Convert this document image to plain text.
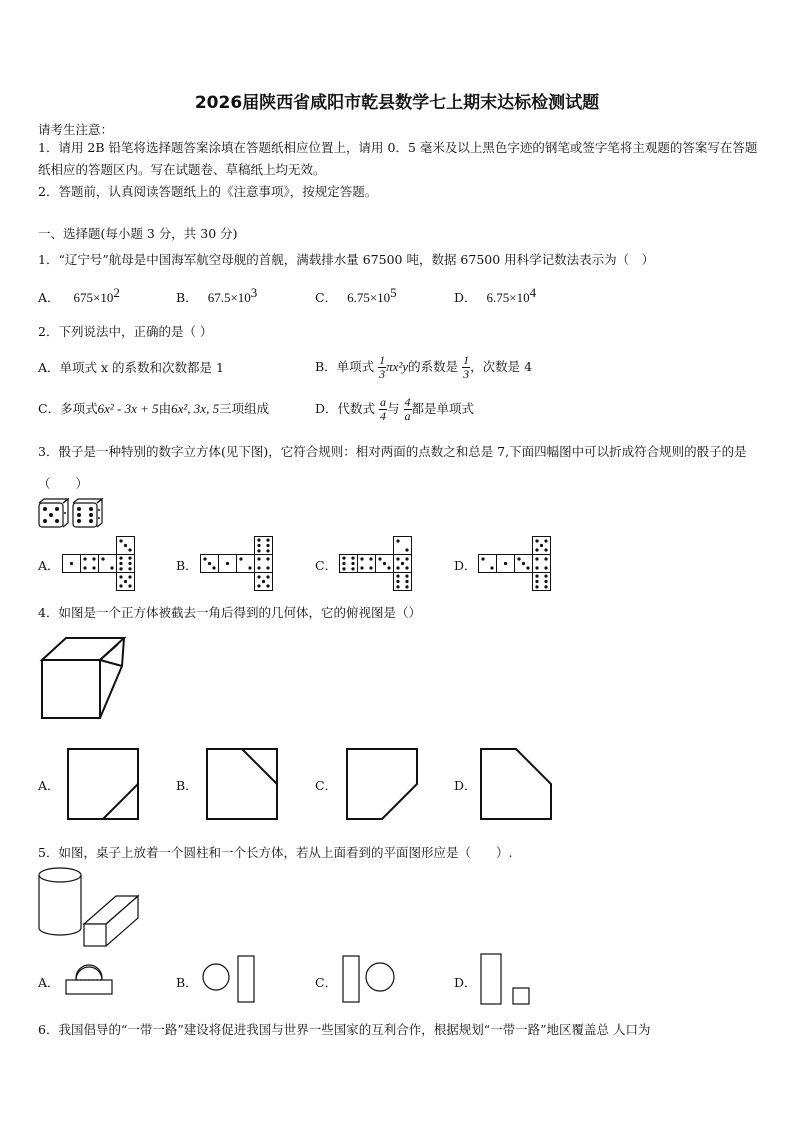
2026届陕西省咸阳市乾县数学七上期末达标检测试题
请考生注意：
1．请用 2B 铅笔将选择题答案涂填在答题纸相应位置上，请用 0．5 毫米及以上黑色字迹的钢笔或签字笔将主观题的答案写在答题纸相应的答题区内。写在试题卷、草稿纸上均无效。
2．答题前，认真阅读答题纸上的《注意事项》，按规定答题。
一、选择题(每小题 3 分，共 30 分)
1．“辽宁号”航母是中国海军航空母舰的首舰，满载排水量 67500 吨，数据 67500 用科学记数法表示为（　）
A． $675\times 10^2$	B． $67.5\times 10^3$	C． $6.75\times 10^5$	D． $6.75\times 10^4$
2．下列说法中，正确的是（ ）
A．单项式 x 的系数和次数都是 1	B．单项式 $\frac{1}{3} \pi x^2y$的系数是 $\frac{1}{3}$ ，次数是 4
C．多项式6x² - 3x + 5由6x², 3x, 5三项组成	D．代数式 $\frac{a}{4}$ 与 $\frac{4}{a}$ 都是单项式
3．骰子是一种特别的数字立方体(见下图)，它符合规则：相对两面的点数之和总是 7,下面四幅图中可以折成符合规则的骰子的是（　　）
A．	B．	C．	D．
4．如图是一个正方体被截去一角后得到的几何体，它的俯视图是（）
A．	B．	C．	D．
5．如图，桌子上放着一个圆柱和一个长方体，若从上面看到的平面图形应是（　　）.
A．	B．	C．	D．
6．我国倡导的“一带一路”建设将促进我国与世界一些国家的互利合作，根据规划“一带一路”地区覆盖总 人口为
